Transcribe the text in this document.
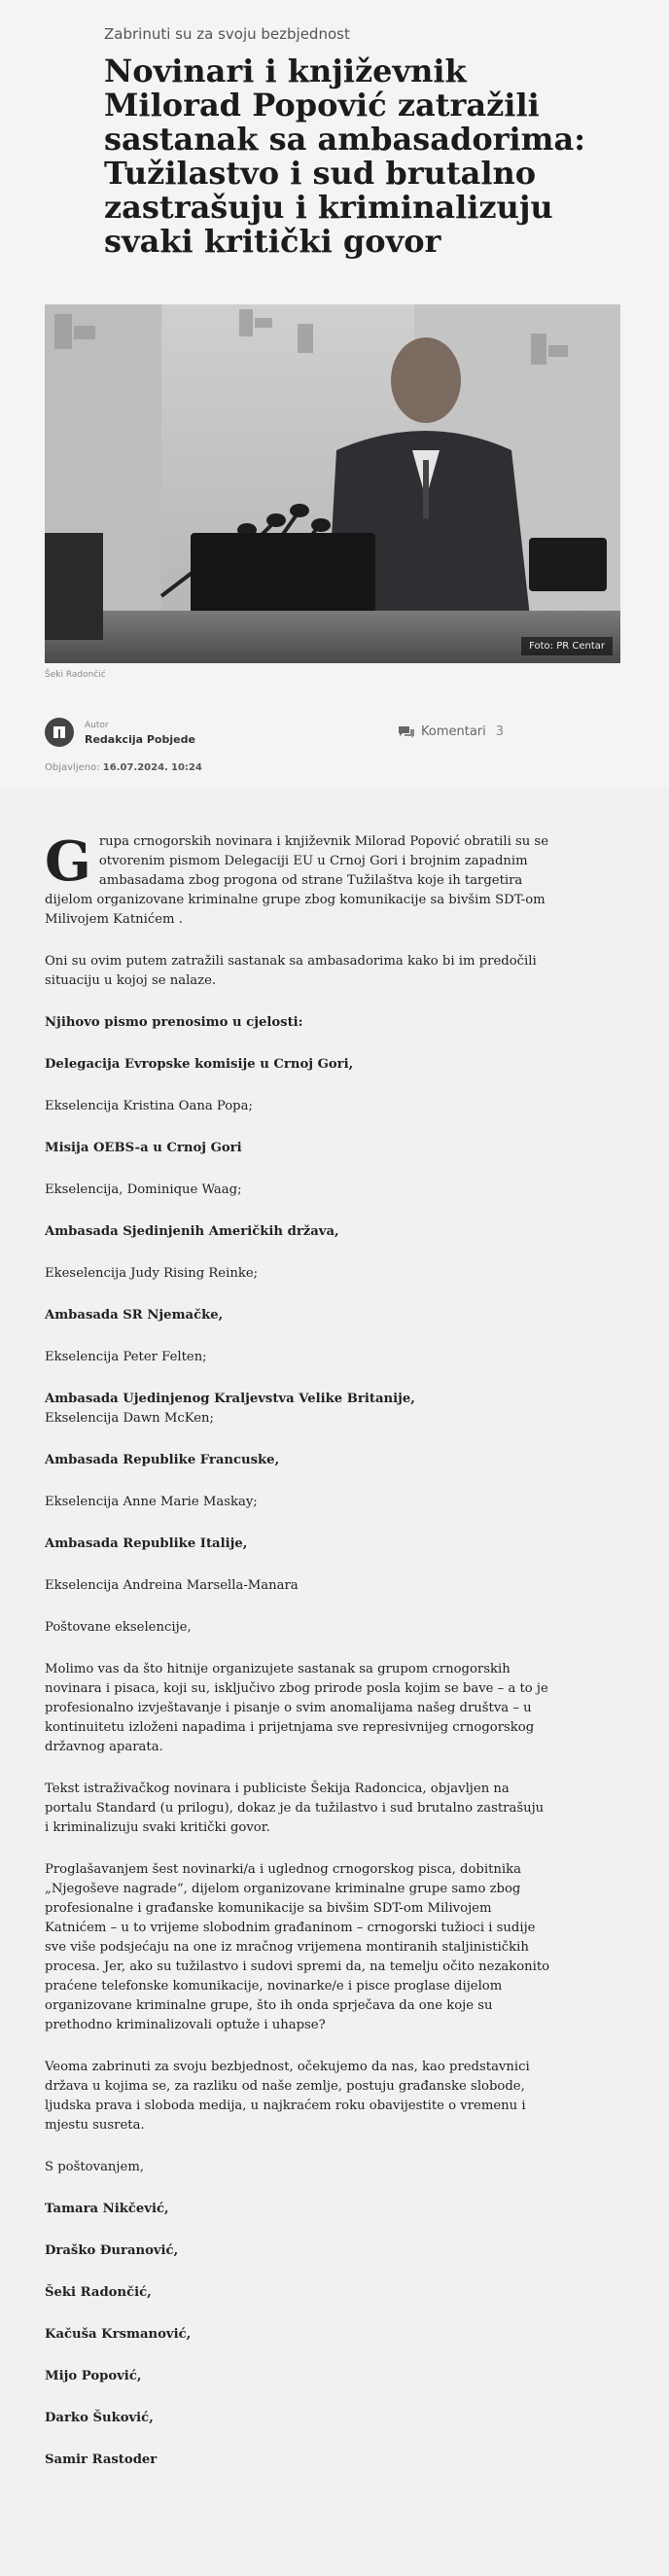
Zabrinuti su za svoju bezbjednost
Novinari i književnik Milorad Popović zatražili sastanak sa ambasadorima: Tužilastvo i sud brutalno zastrašuju i kriminalizuju svaki kritički govor
Foto: PR Centar
Šeki Radončić
Autor
Redakcija Pobjede
Komentari 3
Objavljeno: 16.07.2024. 10:24

G rupa crnogorskih novinara i književnik Milorad Popović obratili su se otvorenim pismom Delegaciji EU u Crnoj Gori i brojnim zapadnim ambasadama zbog progona od strane Tužilaštva koje ih targetira dijelom organizovane kriminalne grupe zbog komunikacije sa bivšim SDT-om Milivojem Katnićem .

Oni su ovim putem zatražili sastanak sa ambasadorima kako bi im predočili situaciju u kojoj se nalaze.

Njihovo pismo prenosimo u cjelosti:

Delegacija Evropske komisije u Crnoj Gori,

Ekselencija Kristina Oana Popa;

Misija OEBS-a u Crnoj Gori

Ekselencija, Dominique Waag;

Ambasada Sjedinjenih Američkih država,

Ekeselencija Judy Rising Reinke;

Ambasada SR Njemačke,

Ekselencija Peter Felten;

Ambasada Ujedinjenog Kraljevstva Velike Britanije,
Ekselencija Dawn McKen;

Ambasada Republike Francuske,

Ekselencija Anne Marie Maskay;

Ambasada Republike Italije,

Ekselencija Andreina Marsella-Manara

Poštovane ekselencije,

Molimo vas da što hitnije organizujete sastanak sa grupom crnogorskih novinara i pisaca, koji su, isključivo zbog prirode posla kojim se bave – a to je profesionalno izvještavanje i pisanje o svim anomalijama našeg društva – u kontinuitetu izloženi napadima i prijetnjama sve represivnijeg crnogorskog državnog aparata.

Tekst istraživačkog novinara i publiciste Šekija Radoncica, objavljen na portalu Standard (u prilogu), dokaz je da tužilastvo i sud brutalno zastrašuju i kriminalizuju svaki kritički govor.

Proglašavanjem šest novinarki/a i uglednog crnogorskog pisca, dobitnika „Njegoševe nagrade“, dijelom organizovane kriminalne grupe samo zbog profesionalne i građanske komunikacije sa bivšim SDT-om Milivojem Katnićem – u to vrijeme slobodnim građaninom – crnogorski tužioci i sudije sve više podsjećaju na one iz mračnog vrijemena montiranih staljinističkih procesa. Jer, ako su tužilastvo i sudovi spremi da, na temelju očito nezakonito praćene telefonske komunikacije, novinarke/e i pisce proglase dijelom organizovane kriminalne grupe, što ih onda sprječava da one koje su prethodno kriminalizovali optuže i uhapse?

Veoma zabrinuti za svoju bezbjednost, očekujemo da nas, kao predstavnici država u kojima se, za razliku od naše zemlje, postuju građanske slobode, ljudska prava i sloboda medija, u najkraćem roku obavijestite o vremenu i mjestu susreta.

S poštovanjem,

Tamara Nikčević,

Draško Đuranović,

Šeki Radončić,

Kačuša Krsmanović,

Mijo Popović,

Darko Šuković,

Samir Rastoder
